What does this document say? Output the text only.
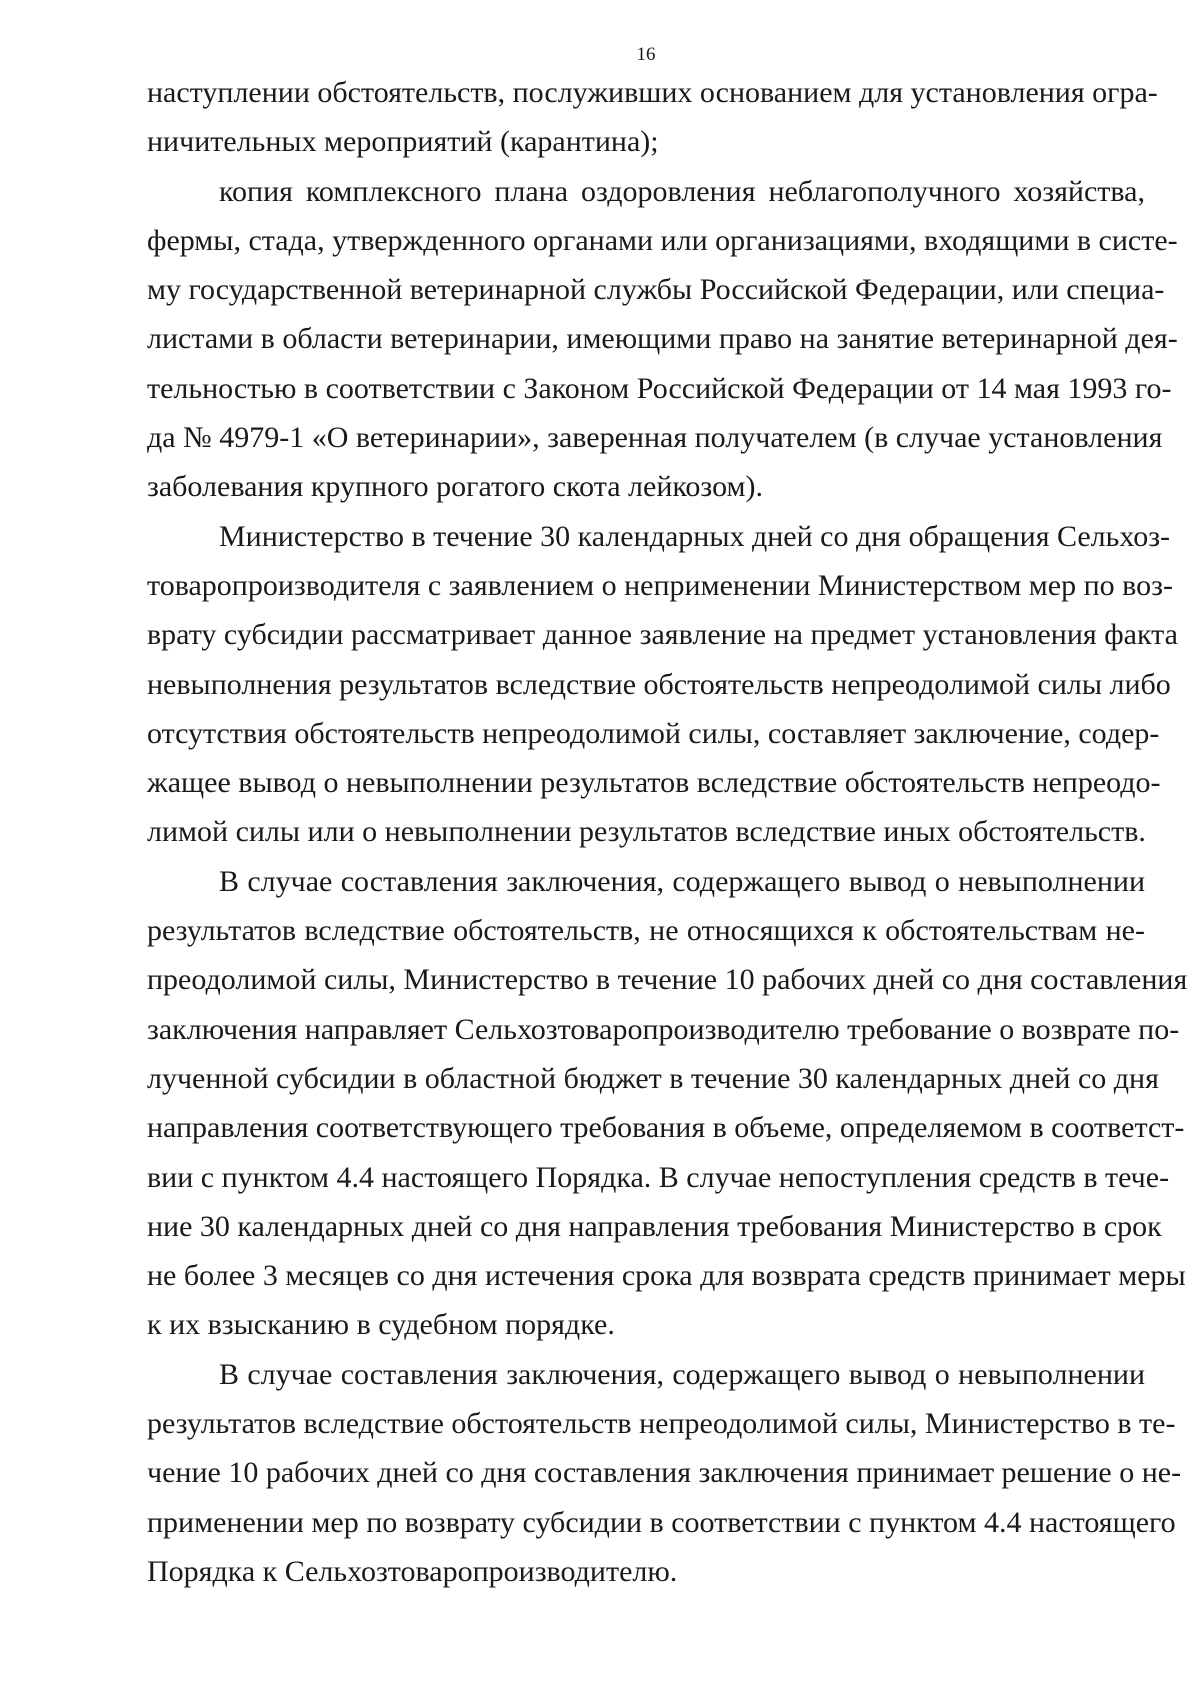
16
наступлении обстоятельств, послуживших основанием для установления огра-
ничительных мероприятий (карантина);
копия комплексного плана оздоровления неблагополучного хозяйства,
фермы, стада, утвержденного органами или организациями, входящими в систе-
му государственной ветеринарной службы Российской Федерации, или специа-
листами в области ветеринарии, имеющими право на занятие ветеринарной дея-
тельностью в соответствии с Законом Российской Федерации от 14 мая 1993 го-
да № 4979-1 «О ветеринарии», заверенная получателем (в случае установления
заболевания крупного рогатого скота лейкозом).
Министерство в течение 30 календарных дней со дня обращения Сельхоз-
товаропроизводителя с заявлением о неприменении Министерством мер по воз-
врату субсидии рассматривает данное заявление на предмет установления факта
невыполнения результатов вследствие обстоятельств непреодолимой силы либо
отсутствия обстоятельств непреодолимой силы, составляет заключение, содер-
жащее вывод о невыполнении результатов вследствие обстоятельств непреодо-
лимой силы или о невыполнении результатов вследствие иных обстоятельств.
В случае составления заключения, содержащего вывод о невыполнении
результатов вследствие обстоятельств, не относящихся к обстоятельствам не-
преодолимой силы, Министерство в течение 10 рабочих дней со дня составления
заключения направляет Сельхозтоваропроизводителю требование о возврате по-
лученной субсидии в областной бюджет в течение 30 календарных дней со дня
направления соответствующего требования в объеме, определяемом в соответст-
вии с пунктом 4.4 настоящего Порядка. В случае непоступления средств в тече-
ние 30 календарных дней со дня направления требования Министерство в срок
не более 3 месяцев со дня истечения срока для возврата средств принимает меры
к их взысканию в судебном порядке.
В случае составления заключения, содержащего вывод о невыполнении
результатов вследствие обстоятельств непреодолимой силы, Министерство в те-
чение 10 рабочих дней со дня составления заключения принимает решение о не-
применении мер по возврату субсидии в соответствии с пунктом 4.4 настоящего
Порядка к Сельхозтоваропроизводителю.
